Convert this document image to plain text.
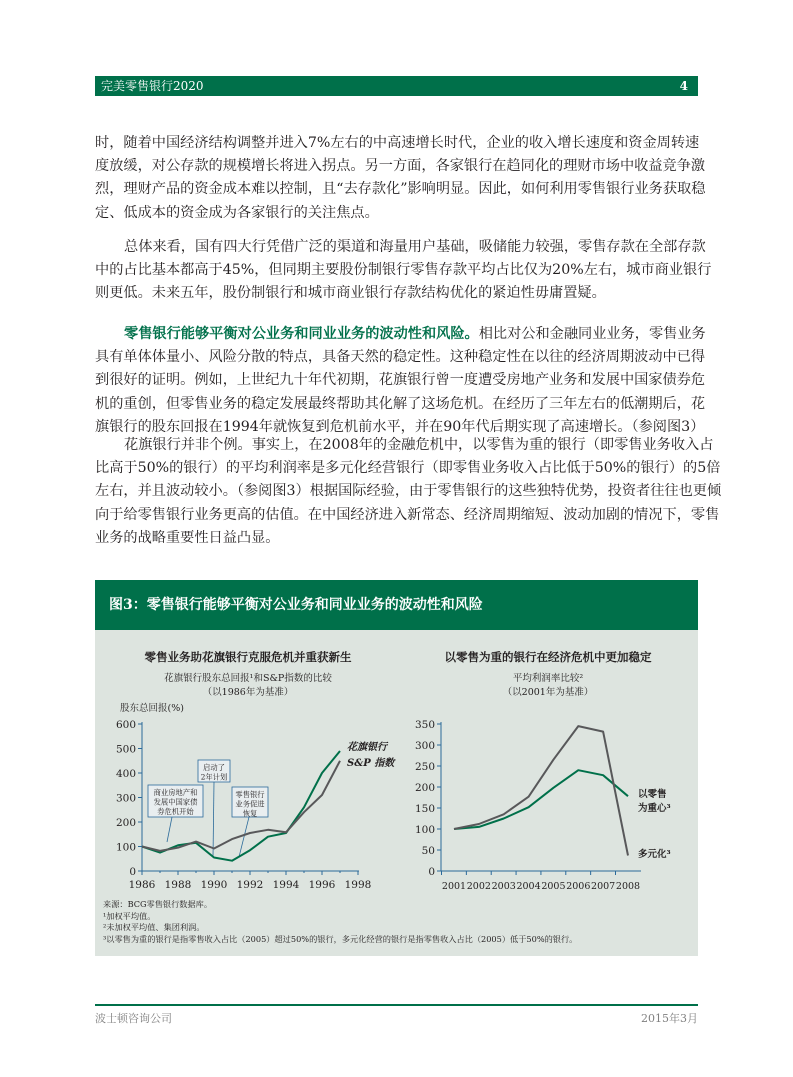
完美零售银行2020	4
时，随着中国经济结构调整并进入7%左右的中高速增长时代，企业的收入增长速度和资金周转速
度放缓，对公存款的规模增长将进入拐点。另一方面，各家银行在趋同化的理财市场中收益竞争激
烈，理财产品的资金成本难以控制，且“去存款化”影响明显。因此，如何利用零售银行业务获取稳
定、低成本的资金成为各家银行的关注焦点。
总体来看，国有四大行凭借广泛的渠道和海量用户基础，吸储能力较强，零售存款在全部存款
中的占比基本都高于45%，但同期主要股份制银行零售存款平均占比仅为20%左右，城市商业银行
则更低。未来五年，股份制银行和城市商业银行存款结构优化的紧迫性毋庸置疑。
零售银行能够平衡对公业务和同业业务的波动性和风险。相比对公和金融同业业务，零售业务
具有单体体量小、风险分散的特点，具备天然的稳定性。这种稳定性在以往的经济周期波动中已得
到很好的证明。例如，上世纪九十年代初期，花旗银行曾一度遭受房地产业务和发展中国家债券危
机的重创，但零售业务的稳定发展最终帮助其化解了这场危机。在经历了三年左右的低潮期后，花
旗银行的股东回报在1994年就恢复到危机前水平，并在90年代后期实现了高速增长。（参阅图3）
花旗银行并非个例。事实上，在2008年的金融危机中，以零售为重的银行（即零售业务收入占
比高于50%的银行）的平均利润率是多元化经营银行（即零售业务收入占比低于50%的银行）的5倍
左右，并且波动较小。（参阅图3）根据国际经验，由于零售银行的这些独特优势，投资者往往也更倾
向于给零售银行业务更高的估值。在中国经济进入新常态、经济周期缩短、波动加剧的情况下，零售
业务的战略重要性日益凸显。
图3：零售银行能够平衡对公业务和同业业务的波动性和风险
零售业务助花旗银行克服危机并重获新生
花旗银行股东总回报¹和S&P指数的比较
（以1986年为基准）
股东总回报(%)
0
100
200
300
400
500
600
1986 1988 1990 1992 1994 1996 1998
商业房地产和
发展中国家债
券危机开始
启动了
2年计划
零售银行
业务促进
恢复
花旗银行
S&P 指数
以零售为重的银行在经济危机中更加稳定
平均利润率比较²
（以2001年为基准）
0
50
100
150
200
250
300
350
2001 2002 2003 2004 2005 2006 2007 2008
以零售
为重心³
多元化³
来源：BCG零售银行数据库。
¹加权平均值。
²未加权平均值、集团利润。
³以零售为重的银行是指零售收入占比（2005）超过50%的银行，多元化经营的银行是指零售收入占比（2005）低于50%的银行。
波士顿咨询公司	2015年3月
